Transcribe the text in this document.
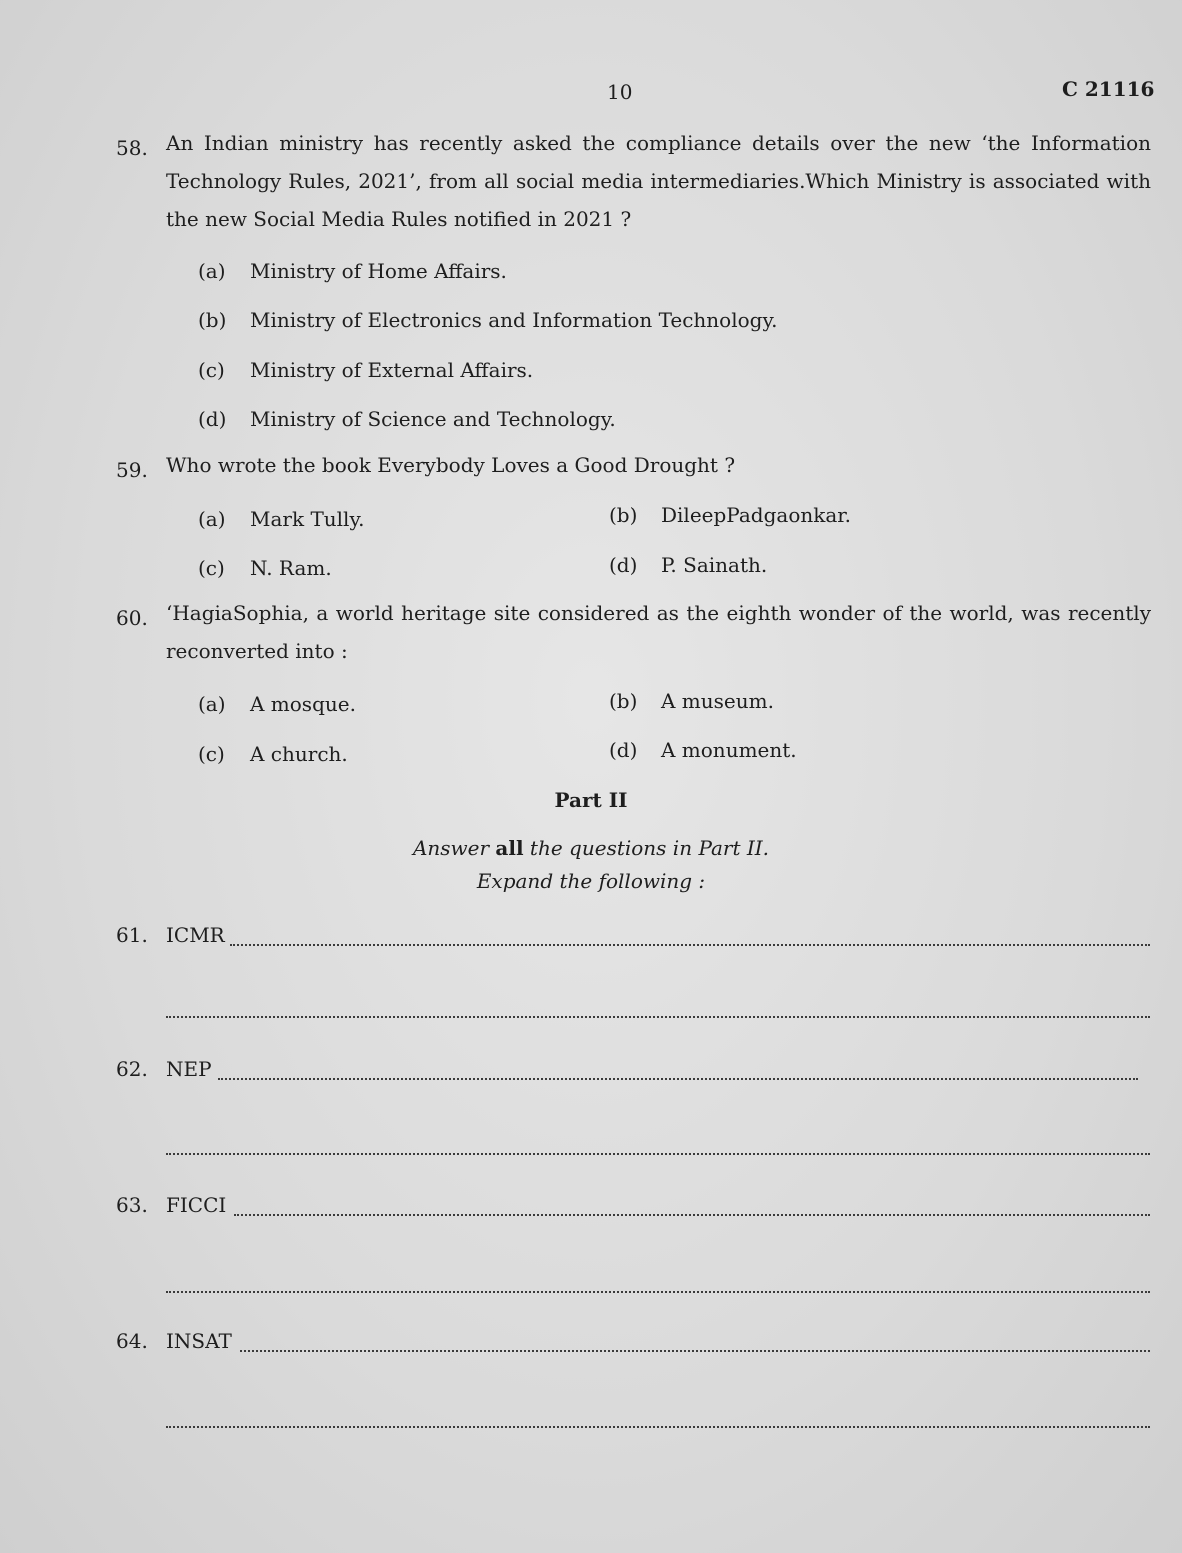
10	C 21116
58. An Indian ministry has recently asked the compliance details over the new ‘the Information
Technology Rules, 2021’, from all social media intermediaries.Which Ministry is associated with
the new Social Media Rules notified in 2021 ?
(a) Ministry of Home Affairs.
(b) Ministry of Electronics and Information Technology.
(c) Ministry of External Affairs.
(d) Ministry of Science and Technology.
59. Who wrote the book Everybody Loves a Good Drought ?
(a) Mark Tully.	(b) DileepPadgaonkar.
(c) N. Ram.	(d) P. Sainath.
60. ‘HagiaSophia, a world heritage site considered as the eighth wonder of the world, was recently
reconverted into :
(a) A mosque.	(b) A museum.
(c) A church.	(d) A monument.
Part II
Answer all the questions in Part II.
Expand the following :
61. ICMR
62. NEP
63. FICCI
64. INSAT
